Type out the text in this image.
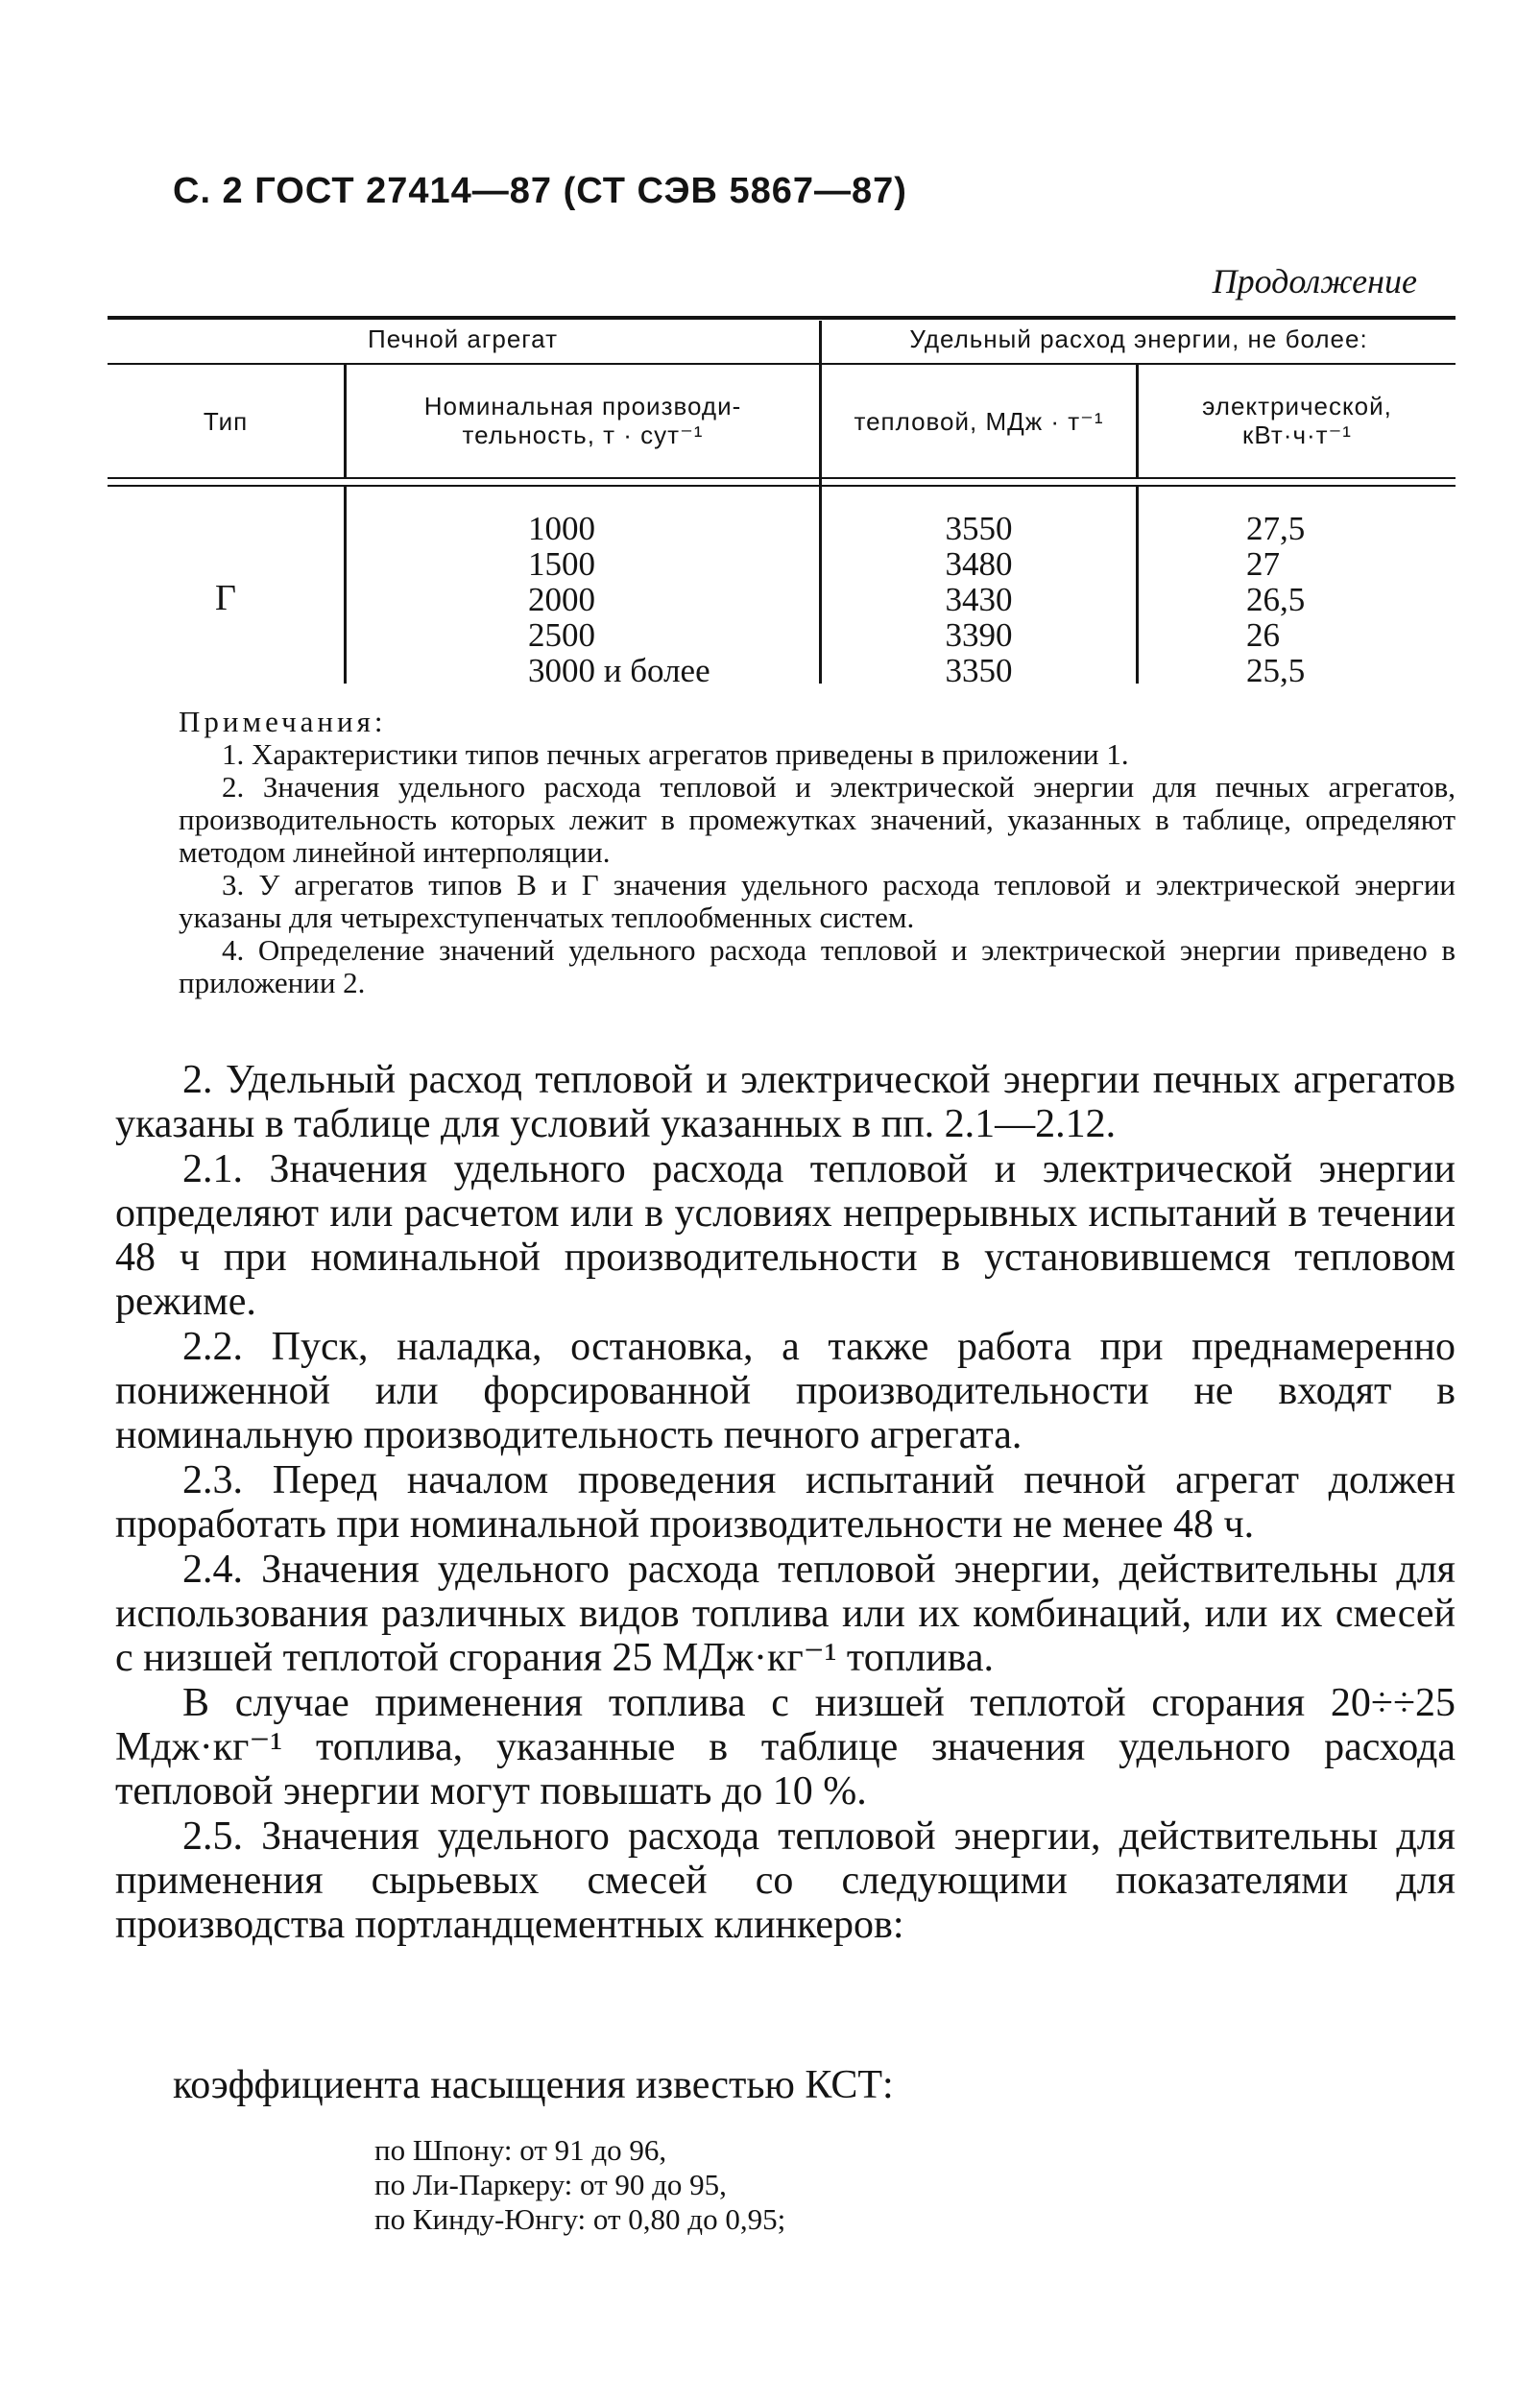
С. 2 ГОСТ 27414—87 (СТ СЭВ 5867—87)
Продолжение
Печной агрегат	Удельный расход энергии, не более:
Тип
Номинальная производи-
тельность, т · сут⁻¹	тепловой, МДж · т⁻¹
электрической,
кВт·ч·т⁻¹
Г
1000
1500
2000
2500
3000 и более
3550
3480
3430
3390
3350
27,5
27
26,5
26
25,5
Примечания:

1. Характеристики типов печных агрегатов приведены в приложении 1.

2. Значения удельного расхода тепловой и электрической энергии для печных агрегатов, производительность которых лежит в промежутках значений, указанных в таблице, определяют методом линейной интерполяции.

3. У агрегатов типов В и Г значения удельного расхода тепловой и электрической энергии указаны для четырехступенчатых теплообменных систем.

4. Определение значений удельного расхода тепловой и электрической энергии приведено в приложении 2.

2. Удельный расход тепловой и электрической энергии печных агрегатов указаны в таблице для условий указанных в пп. 2.1—2.12.

2.1. Значения удельного расхода тепловой и электрической энергии определяют или расчетом или в условиях непрерывных испытаний в течении 48 ч при номинальной производительности в установившемся тепловом режиме.

2.2. Пуск, наладка, остановка, а также работа при преднамеренно пониженной или форсированной производительности не входят в номинальную производительность печного агрегата.

2.3. Перед началом проведения испытаний печной агрегат должен проработать при номинальной производительности не менее 48 ч.

2.4. Значения удельного расхода тепловой энергии, действительны для использования различных видов топлива или их комбинаций, или их смесей с низшей теплотой сгорания 25 МДж·кг⁻¹ топлива.

В случае применения топлива с низшей теплотой сгорания 20÷÷25 Мдж·кг⁻¹ топлива, указанные в таблице значения удельного расхода тепловой энергии могут повышать до 10 %.

2.5. Значения удельного расхода тепловой энергии, действительны для применения сырьевых смесей со следующими показателями для производства портландцементных клинкеров:

коэффициента насыщения известью КСТ:
по Шпону: от 91 до 96,
по Ли-Паркеру: от 90 до 95,
по Кинду-Юнгу: от 0,80 до 0,95;
